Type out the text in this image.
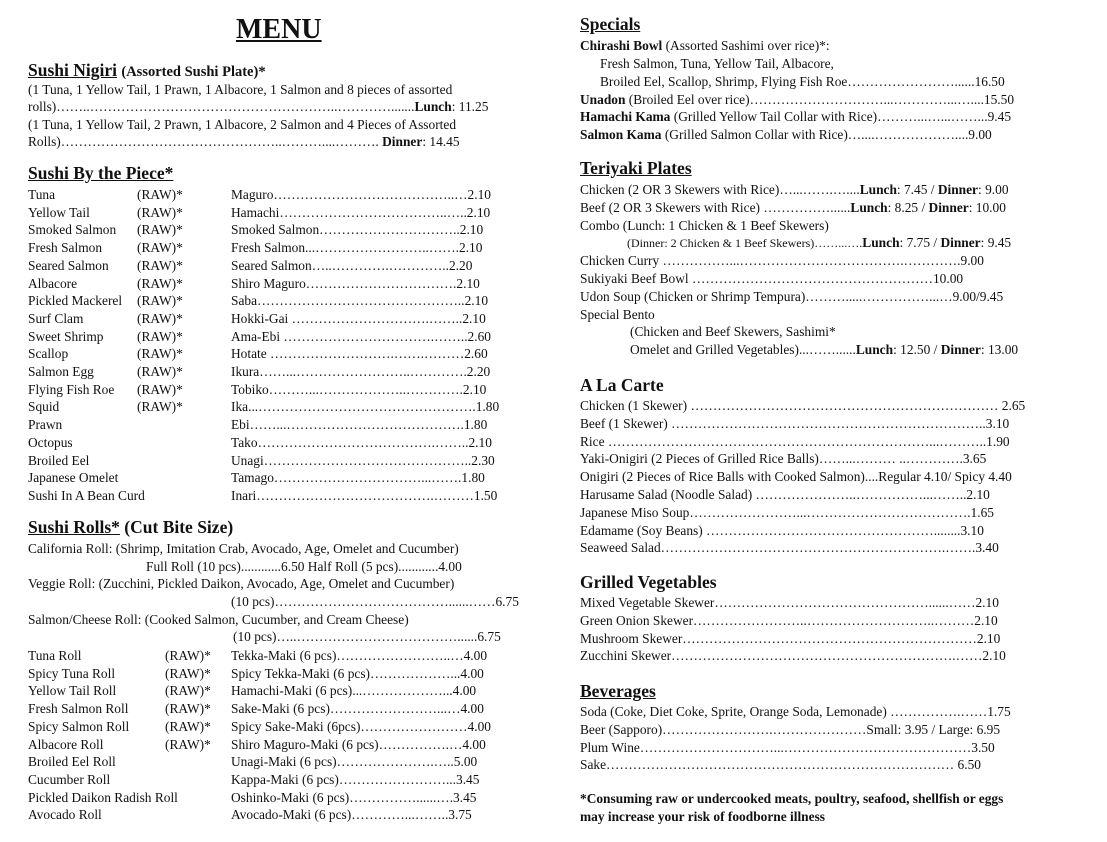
MENU
Sushi Nigiri (Assorted Sushi Plate)*
(1 Tuna, 1 Yellow Tail, 1 Prawn, 1 Albacore, 1 Salmon and 8 pieces of assorted
rolls)……..………………………………………………..………….......Lunch: 11.25
(1 Tuna, 1 Yellow Tail, 2 Prawn, 1 Albacore, 2 Salmon and 4 Pieces of Assorted
Rolls)…………………………………………..………....………. Dinner: 14.45
Sushi By the Piece*
Tuna	(RAW)*	Maguro…………………………………..…2.10
Yellow Tail	(RAW)*	Hamachi………………………………..…..2.10
Smoked Salmon (RAW)*	Smoked Salmon…………………………..2.10
Fresh Salmon	(RAW)*	Fresh Salmon...……………………..…….2.10
Seared Salmon (RAW)*	Seared Salmon…..………….…………..2.20
Albacore	(RAW)*	Shiro Maguro…………………………….2.10
Pickled Mackerel (RAW)*	Saba………………………………………..2.10
Surf Clam	(RAW)*	Hokki-Gai ………………………….……..2.10
Sweet Shrimp (RAW)*	Ama-Ebi …………………………….……..2.60
Scallop	(RAW)*	Hotate ……………………….…….………2.60
Salmon Egg	(RAW)*	Ikura……...……………………..………….2.20
Flying Fish Roe (RAW)*	Tobiko………...………………..………….2.10
Squid	(RAW)*	Ika...………………………………………….1.80
Prawn	Ebi……...………………………………….1.80
Octopus	Tako………………………………….……..2.10
Broiled Eel	Unagi………………………………………..2.30
Japanese Omelet	Tamago……………………………...…….1.80
Sushi In A Bean Curd	Inari………………………………….………1.50
Sushi Rolls* (Cut Bite Size)
California Roll: (Shrimp, Imitation Crab, Avocado, Age, Omelet and Cucumber)
Full Roll (10 pcs)............6.50 Half Roll (5 pcs)............4.00
Veggie Roll: (Zucchini, Pickled Daikon, Avocado, Age, Omelet and Cucumber)
(10 pcs)…………………………………......……6.75
Salmon/Cheese Roll: (Cooked Salmon, Cucumber, and Cream Cheese)
(10 pcs)…..………………………………......6.75
Tuna Roll	(RAW)* Tekka-Maki (6 pcs)……………………..…4.00
Spicy Tuna Roll	(RAW)* Spicy Tekka-Maki (6 pcs)………………...4.00
Yellow Tail Roll	(RAW)* Hamachi-Maki (6 pcs)...………………...4.00
Fresh Salmon Roll	(RAW)* Sake-Maki (6 pcs)……………………...…4.00
Spicy Salmon Roll	(RAW)* Spicy Sake-Maki (6pcs)……………………4.00
Albacore Roll	(RAW)* Shiro Maguro-Maki (6 pcs)…………….…4.00
Broiled Eel Roll	Unagi-Maki (6 pcs)………………….…..5.00
Cucumber Roll	Kappa-Maki (6 pcs)……………………...3.45
Pickled Daikon Radish Roll	Oshinko-Maki (6 pcs)……………......….3.45
Avocado Roll	Avocado-Maki (6 pcs)…………...……..3.75
Specials
Chirashi Bowl (Assorted Sashimi over rice)*:
Fresh Salmon, Tuna, Yellow Tail, Albacore,
Broiled Eel, Scallop, Shrimp, Flying Fish Roe……………………......16.50
Unadon (Broiled Eel over rice)…………………………...…………...…....15.50
Hamachi Kama (Grilled Yellow Tail Collar with Rice)………...…...……...9.45
Salmon Kama (Grilled Salmon Collar with Rice)…....………………....9.00
Teriyaki Plates
Chicken (2 OR 3 Skewers with Rice)…...…….…....Lunch: 7.45 / Dinner: 9.00
Beef (2 OR 3 Skewers with Rice) ……………......Lunch: 8.25 / Dinner: 10.00
Combo (Lunch: 1 Chicken & 1 Beef Skewers)
(Dinner: 2 Chicken & 1 Beef Skewers)……...….Lunch: 7.75 / Dinner: 9.45
Chicken Curry ……………...……………………………….………….9.00
Sukiyaki Beef Bowl ………………………………………………10.00
Udon Soup (Chicken or Shrimp Tempura)……….....……………...…9.00/9.45
Special Bento
(Chicken and Beef Skewers, Sashimi*
Omelet and Grilled Vegetables)...……......Lunch: 12.50 / Dinner: 13.00
A La Carte
Chicken (1 Skewer) …………………………………………………………… 2.65
Beef (1 Skewer) ……………………………………………………………..3.10
Rice ………………………………………………………………...………..1.90
Yaki-Onigiri (2 Pieces of Grilled Rice Balls)……...……… ..………….3.65
Onigiri (2 Pieces of Rice Balls with Cooked Salmon)....Regular 4.10/ Spicy 4.40
Harusame Salad (Noodle Salad) …………………..……………...……..2.10
Japanese Miso Soup……………………...……………………………….1.65
Edamame (Soy Beans) ……………………………………………........3.10
Seaweed Salad……………………………………………………….…….3.40
Grilled Vegetables
Mixed Vegetable Skewer…………………………………………......……2.10
Green Onion Skewer……………………..………………………..………2.10
Mushroom Skewer…………………………………………………………2.10
Zucchini Skewer……………………………………………………….……2.10
Beverages
Soda (Coke, Diet Coke, Sprite, Orange Soda, Lemonade) …………….……1.75
Beer (Sapporo)…………………….…………………Small: 3.95 / Large: 6.95
Plum Wine…………………………...……………………………………3.50
Sake…………………………………………………………………… 6.50
*Consuming raw or undercooked meats, poultry, seafood, shellfish or eggs
may increase your risk of foodborne illness
